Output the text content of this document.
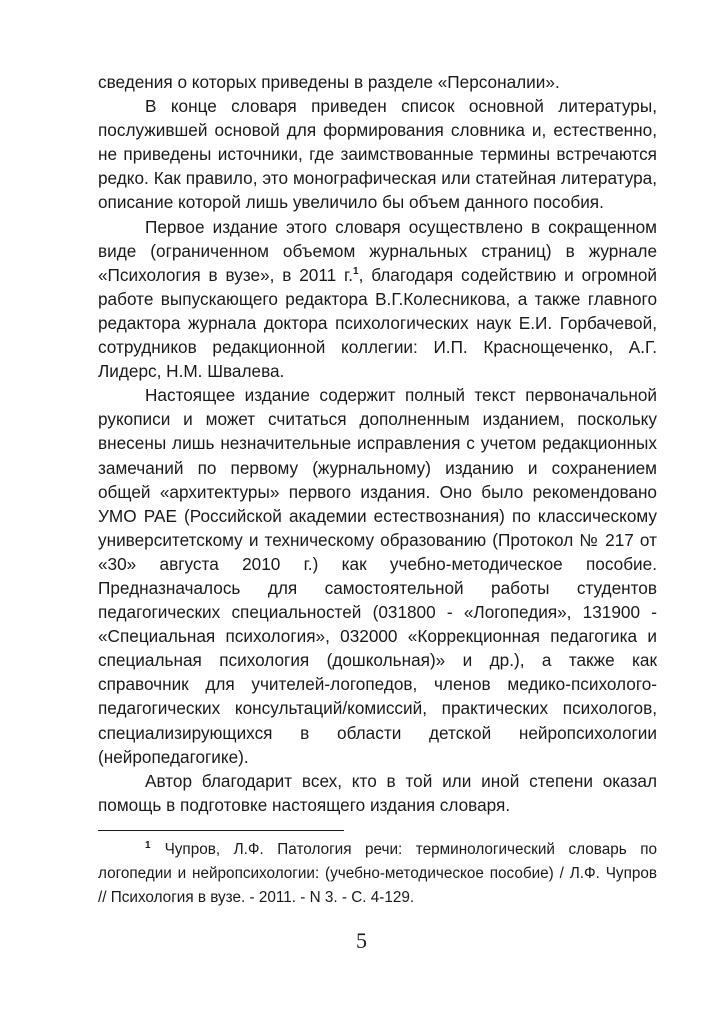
сведения о которых приведены в разделе «Персоналии».

В конце словаря приведен список основной литературы, послужившей основой для формирования словника и, естественно, не приведены источники, где заимствованные термины встречаются редко. Как правило, это монографическая или статейная литература, описание которой лишь увеличило бы объем данного пособия.

Первое издание этого словаря осуществлено в сокращенном виде (ограниченном объемом журнальных страниц) в журнале «Психология в вузе», в 2011 г.$^1$, благодаря содействию и огромной работе выпускающего редактора В.Г.Колесникова, а также главного редактора журнала доктора психологических наук Е.И. Горбачевой, сотрудников редакционной коллегии: И.П. Краснощеченко, А.Г. Лидерс, Н.М. Швалева.

Настоящее издание содержит полный текст первоначальной рукописи и может считаться дополненным изданием, поскольку внесены лишь незначительные исправления с учетом редакционных замечаний по первому (журнальному) изданию и сохранением общей «архитектуры» первого издания. Оно было рекомендовано УМО РАЕ (Российской академии естествознания) по классическому университетскому и техническому образованию (Протокол № 217 от «30» августа 2010 г.) как учебно-методическое пособие. Предназначалось для самостоятельной работы студентов педагогических специальностей (031800 - «Логопедия», 131900 - «Специальная психология», 032000 «Коррекционная педагогика и специальная психология (дошкольная)» и др.), а также как справочник для учителей-логопедов, членов медико-психолого-педагогических консультаций/комиссий, практических психологов, специализирующихся в области детской нейропсихологии (нейропедагогике).

Автор благодарит всех, кто в той или иной степени оказал помощь в подготовке настоящего издания словаря.

$^1$ Чупров, Л.Ф. Патология речи: терминологический словарь по логопедии и нейропсихологии: (учебно-методическое пособие) / Л.Ф. Чупров // Психология в вузе. - 2011. - N 3. - С. 4-129.

5
